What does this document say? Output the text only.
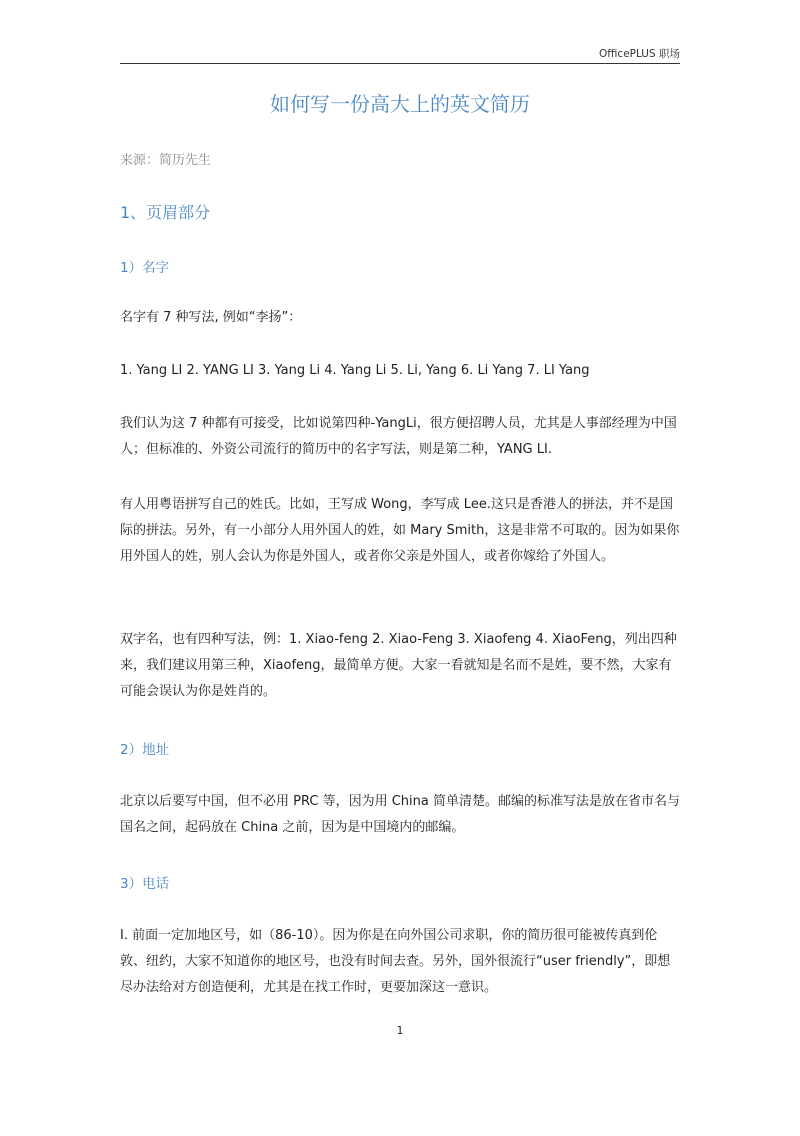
OfficePLUS 职场
如何写一份高大上的英文简历
来源：简历先生
1、页眉部分
1）名字

名字有 7 种写法, 例如“李扬”：

1. Yang LI 2. YANG LI 3. Yang Li 4. Yang Li 5. Li, Yang 6. Li Yang 7. LI Yang

我们认为这 7 种都有可接受，比如说第四种-YangLi，很方便招聘人员，尤其是人事部经理为中国人；但标准的、外资公司流行的简历中的名字写法，则是第二种，YANG LI.

有人用粤语拼写自己的姓氏。比如，王写成 Wong，李写成 Lee.这只是香港人的拼法，并不是国际的拼法。另外，有一小部分人用外国人的姓，如 Mary Smith，这是非常不可取的。因为如果你用外国人的姓，别人会认为你是外国人，或者你父亲是外国人，或者你嫁给了外国人。

双字名，也有四种写法，例：1. Xiao-feng 2. Xiao-Feng 3. Xiaofeng 4. XiaoFeng，列出四种来，我们建议用第三种，Xiaofeng，最简单方便。大家一看就知是名而不是姓，要不然，大家有可能会误认为你是姓肖的。

2）地址

北京以后要写中国，但不必用 PRC 等，因为用 China 简单清楚。邮编的标准写法是放在省市名与国名之间，起码放在 China 之前，因为是中国境内的邮编。

3）电话

Ⅰ. 前面一定加地区号，如（86-10）。因为你是在向外国公司求职，你的简历很可能被传真到伦敦、纽约，大家不知道你的地区号，也没有时间去查。另外，国外很流行“user friendly”，即想尽办法给对方创造便利，尤其是在找工作时，更要加深这一意识。

1
